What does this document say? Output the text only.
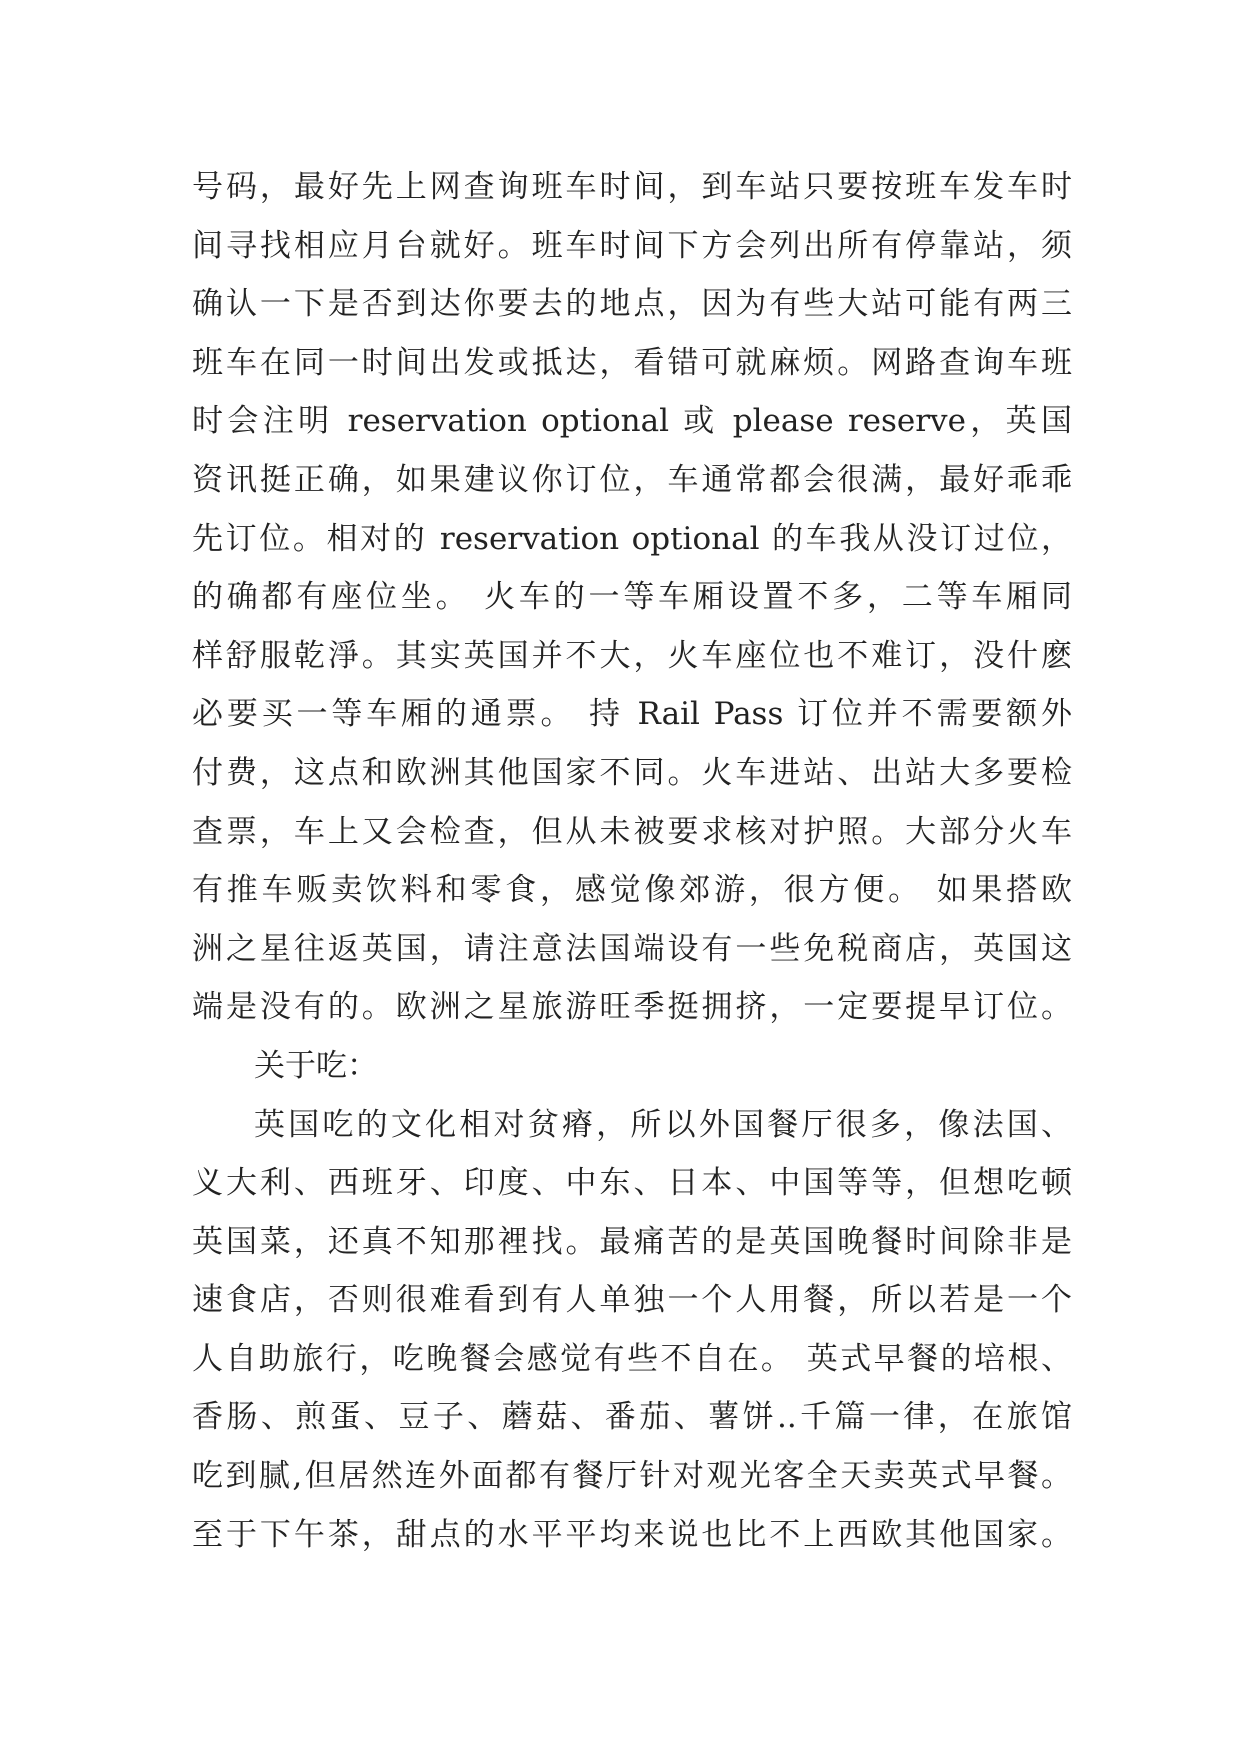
号码，最好先上网查询班车时间，到车站只要按班车发车时
间寻找相应月台就好。班车时间下方会列出所有停靠站，须
确认一下是否到达你要去的地点，因为有些大站可能有两三
班车在同一时间出发或抵达，看错可就麻烦。网路查询车班
时会注明 reservation optional 或 please reserve，英国
资讯挺正确，如果建议你订位，车通常都会很满，最好乖乖
先订位。相对的 reservation optional 的车我从没订过位，
的确都有座位坐。 火车的一等车厢设置不多，二等车厢同
样舒服乾淨。其实英国并不大，火车座位也不难订，没什麽
必要买一等车厢的通票。 持 Rail Pass 订位并不需要额外
付费，这点和欧洲其他国家不同。火车进站、出站大多要检
查票，车上又会检查，但从未被要求核对护照。大部分火车
有推车贩卖饮料和零食，感觉像郊游，很方便。 如果搭欧
洲之星往返英国，请注意法国端设有一些免税商店，英国这
端是没有的。欧洲之星旅游旺季挺拥挤，一定要提早订位。
关于吃：
英国吃的文化相对贫瘠，所以外国餐厅很多，像法国、
义大利、西班牙、印度、中东、日本、中国等等，但想吃顿
英国菜，还真不知那裡找。最痛苦的是英国晚餐时间除非是
速食店，否则很难看到有人单独一个人用餐，所以若是一个
人自助旅行，吃晚餐会感觉有些不自在。 英式早餐的培根、
香肠、煎蛋、豆子、蘑菇、番茄、薯饼..千篇一律，在旅馆
吃到腻,但居然连外面都有餐厅针对观光客全天卖英式早餐。
至于下午茶，甜点的水平平均来说也比不上西欧其他国家。
